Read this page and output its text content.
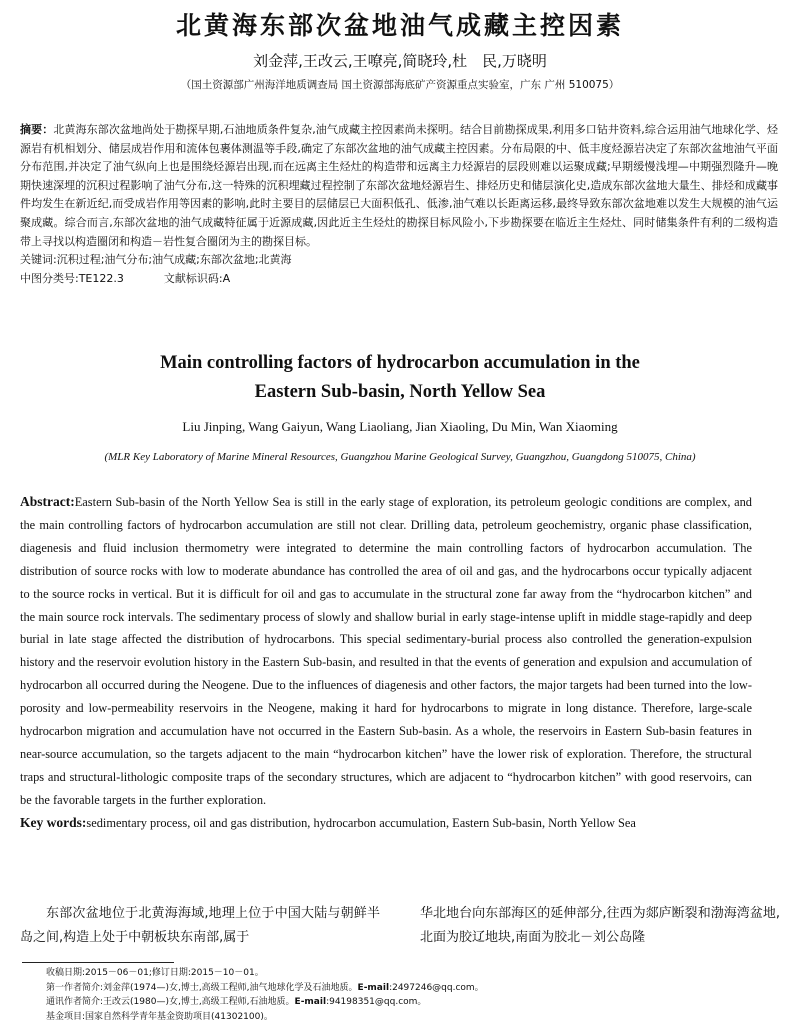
北黄海东部次盆地油气成藏主控因素
刘金萍,王改云,王嘹亮,简晓玲,杜　民,万晓明
（国土资源部广州海洋地质调查局 国土资源部海底矿产资源重点实验室，广东 广州 510075）
摘要：北黄海东部次盆地尚处于勘探早期,石油地质条件复杂,油气成藏主控因素尚未探明。结合目前勘探成果,利用多口钻井资料,综合运用油气地球化学、烃源岩有机相划分、储层成岩作用和流体包裹体测温等手段,确定了东部次盆地的油气成藏主控因素。分布局限的中、低丰度烃源岩决定了东部次盆地油气平面分布范围,并决定了油气纵向上也是围绕烃源岩出现,而在远离主生烃灶的构造带和远离主力烃源岩的层段则难以运聚成藏;早期缓慢浅埋—中期强烈隆升—晚期快速深埋的沉积过程影响了油气分布,这一特殊的沉积埋藏过程控制了东部次盆地烃源岩生、排烃历史和储层演化史,造成东部次盆地大量生、排烃和成藏事件均发生在新近纪,而受成岩作用等因素的影响,此时主要目的层储层已大面积低孔、低渗,油气难以长距离运移,最终导致东部次盆地难以发生大规模的油气运聚成藏。综合而言,东部次盆地的油气成藏特征属于近源成藏,因此近主生烃灶的勘探目标风险小,下步勘探要在临近主生烃灶、同时储集条件有利的二级构造带上寻找以构造圈闭和构造－岩性复合圈闭为主的勘探目标。
关键词:沉积过程;油气分布;油气成藏;东部次盆地;北黄海
中图分类号:TE122.3	文献标识码:A
Main controlling factors of hydrocarbon accumulation in the
Eastern Sub-basin, North Yellow Sea
Liu Jinping, Wang Gaiyun, Wang Liaoliang, Jian Xiaoling, Du Min, Wan Xiaoming
(MLR Key Laboratory of Marine Mineral Resources, Guangzhou Marine Geological Survey, Guangzhou, Guangdong 510075, China)
Abstract:Eastern Sub-basin of the North Yellow Sea is still in the early stage of exploration, its petroleum geologic conditions are complex, and the main controlling factors of hydrocarbon accumulation are still not clear. Drilling data, petroleum geochemistry, organic phase classification, diagenesis and fluid inclusion thermometry were integrated to determine the main controlling factors of hydrocarbon accumulation. The distribution of source rocks with low to moderate abundance has controlled the area of oil and gas, and the hydrocarbons occur typically adjacent to the source rocks in vertical. But it is difficult for oil and gas to accumulate in the structural zone far away from the “hydrocarbon kitchen” and the main source rock intervals. The sedimentary process of slowly and shallow burial in early stage-intense uplift in middle stage-rapidly and deep burial in late stage affected the distribution of hydrocarbons. This special sedimentary-burial process also controlled the generation-expulsion history and the reservoir evolution history in the Eastern Sub-basin, and resulted in that the events of generation and expulsion and accumulation of hydrocarbon all occurred during the Neogene. Due to the influences of diagenesis and other factors, the major targets had been turned into the low-porosity and low-permeability reservoirs in the Neogene, making it hard for hydrocarbons to migrate in long distance. Therefore, large-scale hydrocarbon migration and accumulation have not occurred in the Eastern Sub-basin. As a whole, the reservoirs in Eastern Sub-basin features in near-source accumulation, so the targets adjacent to the main “hydrocarbon kitchen” have the lower risk of exploration. Therefore, the structural traps and structural-lithologic composite traps of the secondary structures, which are adjacent to “hydrocarbon kitchen” with good reservoirs, can be the favorable targets in the further exploration.
Key words:sedimentary process, oil and gas distribution, hydrocarbon accumulation, Eastern Sub-basin, North Yellow Sea

东部次盆地位于北黄海海域,地理上位于中国大陆与朝鲜半岛之间,构造上处于中朝板块东南部,属于

华北地台向东部海区的延伸部分,往西为郯庐断裂和渤海湾盆地,北面为胶辽地块,南面为胶北－刘公岛隆

收稿日期:2015－06－01;修订日期:2015－10－01。
第一作者简介:刘金萍(1974—)女,博士,高级工程师,油气地球化学及石油地质。E-mail:2497246@qq.com。
通讯作者简介:王改云(1980—)女,博士,高级工程师,石油地质。E-mail:94198351@qq.com。
基金项目:国家自然科学青年基金资助项目(41302100)。
